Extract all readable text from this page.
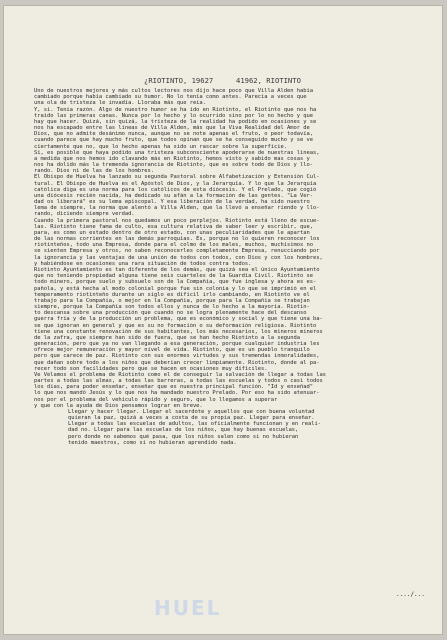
¿RIOTINTO, 19627	41962, RIOTINTO
Uno de nuestros mejores y más cultos lectores nos dijo hace poco que Villa Alden había
cambiado porque había cambiado su humor. No lo tenía como antes. Parecía a veces que
una ola de tristeza le invadía. Lloraba más que reía.
Y, sí. Tenía razón. Algo de nuestro humor se ha ido en Riotinto, el Riotinto que nos ha
traído las primeras canas. Nunca por lo hecho y lo ocurrido sino por lo no hecho y que
hay que hacer. Quizá, sin quizá, la tristeza de la realidad ha podido en ocasiones y se
nos ha escapado entre las líneas de Villa Alden, más que la Viva Realidad del Amor de
Dios, que no admite desánimo nunca, aunque no se note apenas el fruto, o peor todavía,
cuando parece que hay mucho fruto, que todos opinan que se ha conseguido mucho y se ve
ciertamente que no, que lo hecho apenas ha sido un rascar sobre la superficie.
Sí, es posible que haya podido una tristeza subconsciente apoderarse de nuestras líneas,
a medida que nos hemos ido clavando más en Riotinto, hemos visto y sabido mas cosas y
nos ha dolido más la tremenda ignorancia de Riotinto, que es sobre todo de Dios y llo-
rando. Dios ni de las de los hombres.
El Obispo de Huelva ha lanzado su segunda Pastoral sobre Alfabetización y Extensión Cul-
tural. El Obispo de Huelva es el Apóstol de Dios, y la Jerarquía. Y lo que la Jerarquía
católica diga es una norma para los católicos de esta diócesis. Y el Prelado, que cogió
una diócesis recién nacida, ha dedicado su afán a la formación de las gentes. "La Ver-
dad os liberará" es su lema episcopal. Y esa liberación de la verdad, ha sido nuestro
lema de siempre, la norma que alentó a Villa Alden, que la llevó a enseñar riendo y llo-
rando, diciendo siempre verdad.
Cuando la primera pastoral nos quedamos un poco perplejos. Riotinto está lleno de escue-
las. Riotinto tiene fama de culto, esa cultura relativa de saber leer y escribir, que,
para, es como un estado dentro de otro estado, con unas peculiaridades que le apartan
de las normas corrientes en las demás parroquias. Es, porque no lo quieren reconocer los
riotinteños, todo una Empresa, donde para el colmo de los males, muchos, muchísimos no
se sienten Empresa y otros, no saben reconocerles completamente Empresa, renucciando por
la ignorancia y las ventajas de una unión de todos con todos, con Dios y con los hombres,
y habiéndose en ocasiones una rara situación de todos contra todos.
Riotinto Ayuntamiento es tan diferente de los demás, que quizá sea el único Ayuntamiento
que no teniendo propiedad alguna tiene seis cuarteles de la Guardia Civil. Riotinto se
todo minero, porque suelo y subsuelo son de la Compañía, que fue inglesa y ahora es es-
pañola, y está hecha al modo colonial porque fue sin colonia y lo que se imprimió en el
temperamento riotinteño durante un siglo es difícil irlo cambiando, en Riotinto ve el
trabajo para la Compañía, o mejor en la Compañía, porque para la Compañía se trabajan
siempre, porque la Compañía son todos ellos y nunca de lo hecho a la mayoría. Riotin-
to descansa sobre una producción que cuando no se logra plenamente hace del descanso
guerra fría y de la producción un problema, que es económico y social y que tiene una ba-
se que ignoran en general y que es su no formación o su deformación religiosa. Riotinto
tiene una constante renovación de sus habitantes, los más necesarios, los mineros mineros
de la zafra, que siempre han sido de fuera, que se han hecho Riotinto a la segunda
generación, pero que ya no van llegando a esa generación, porque cualquier industria les
ofrece mejor remuneración y mayor nivel de vida. Riotinto, que es un pueblo tranquilo
pero que carece de paz. Riotinto con sus enormes virtudes y sus tremendas inmoralidades,
que dañan sobre todo a los niños que deberían crecer limpiamente. Riotinto, donde al pa-
recer todo son facilidades pero que se hacen en ocasiones muy difíciles.
Ve Velamos el problema de Riotinto como el de conseguir la salvación de llegar a todas las
partes a todas las almas, a todas las barreras, a todas las escuelas y todos o casi todos
los días, para poder enseñar, enseñar que es nuestra principal función. "Id y enseñad"
lo que nos mandó Jesús y lo que nos ha mandado nuestro Prelado. Por eso ha sido atenuar-
nos por el problema del vehículo rápido y seguro, que lo llegamos a superar
y que con la ayuda de Dios pensamos lograr en breve.
Llegar y hacer llegar. Llegar el sacerdote y aquellos que con buena voluntad
quieran la paz, quizá a veces a costa de su propia paz. Llegar para enseñar.
Llegar a todas las escuelas de adultos, las oficialmente funcionan y en reali-
dad no. Llegar para las escuelas de los niños, que hay buenas escuelas,
pero donde no sabemos qué pasa, que los niños salen como si no hubieran
tenido maestros, como si no hubieran aprendido nada.
..../...
HUEL
